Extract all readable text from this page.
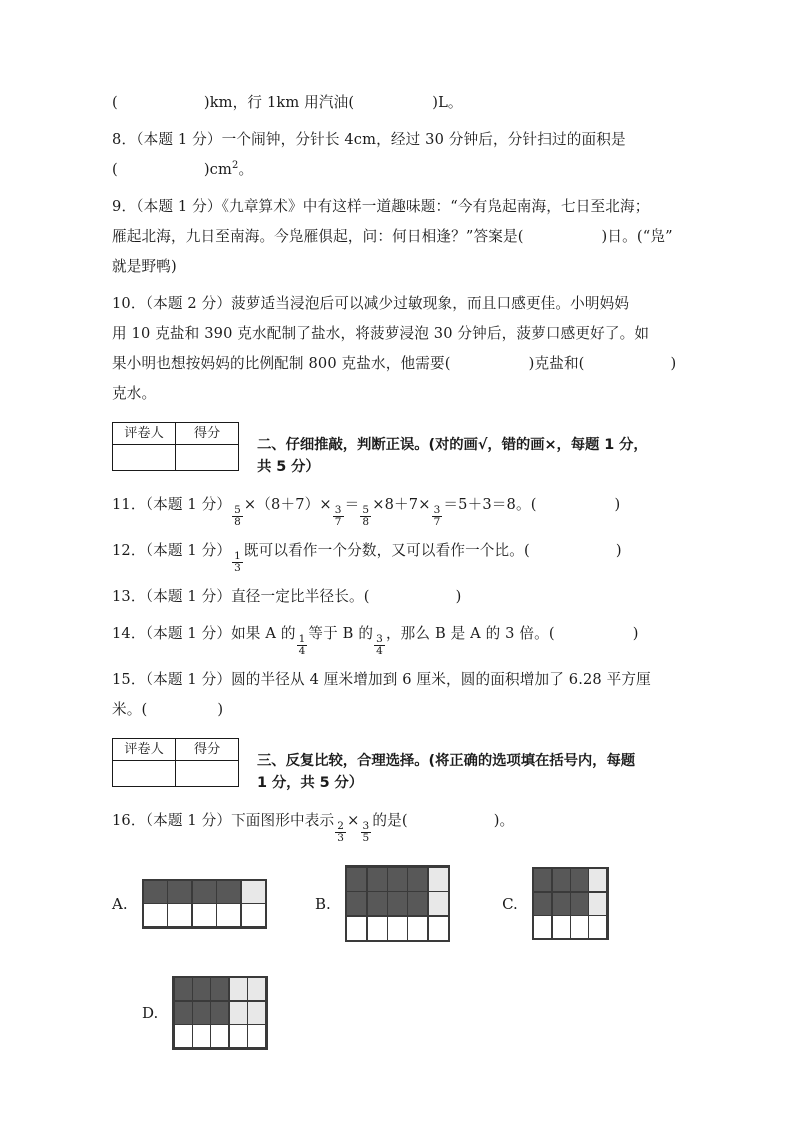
(	)km，行 1km 用汽油(	)L。

8．（本题 1 分）一个闹钟，分针长 4cm，经过 30 分钟后，分针扫过的面积是

(	)$cm^2$。

9．（本题 1 分）《九章算术》中有这样一道趣味题：“今有凫起南海，七日至北海；

雁起北海，九日至南海。今凫雁俱起，问：何日相逢？”答案是(	)日。(“凫”

就是野鸭)

10．（本题 2 分）菠萝适当浸泡后可以减少过敏现象，而且口感更佳。小明妈妈

用 10 克盐和 390 克水配制了盐水，将菠萝浸泡 30 分钟后，菠萝口感更好了。如

果小明也想按妈妈的比例配制 800 克盐水，他需要(	)克盐和(	)

克水。

评卷人	得分

二、仔细推敲，判断正误。(对的画√，错的画×，每题 1 分，
共 5 分）

11．（本题 1 分）
$\frac{5}{8}$
×（8＋7）×
$\frac{3}{7}$
＝
$\frac{5}{8}$
×8＋7×
$\frac{3}{7}$
＝5＋3＝8。(	)

12．（本题 1 分）
$\frac{1}{3}$
既可以看作一个分数，又可以看作一个比。(	)

13．（本题 1 分）直径一定比半径长。(	)

14．（本题 1 分）如果 A 的
$\frac{1}{4}$
等于 B 的
$\frac{3}{4}$
，那么 B 是 A 的 3 倍。(	)

15．（本题 1 分）圆的半径从 4 厘米增加到 6 厘米，圆的面积增加了 6.28 平方厘

米。(	)

评卷人	得分

三、反复比较，合理选择。(将正确的选项填在括号内，每题
1 分，共 5 分）

16．（本题 1 分）下面图形中表示
$\frac{2}{3}$
×
$\frac{3}{5}$
的是(	)。

A.	B.	C.
D.
